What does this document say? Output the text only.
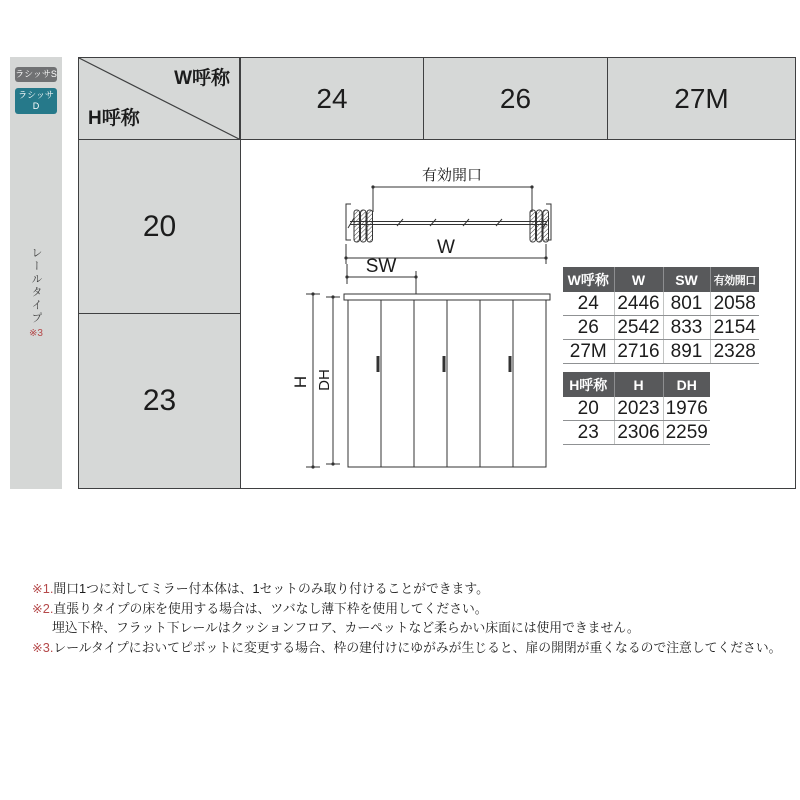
ラシッサS
ラシッサD
レールタイプ
※3
W呼称
H呼称
24	26	27M
20
23
有効開口
W
SW
H DH
W呼称	W	SW	有効開口
24	2446	801	2058
26	2542	833	2154
27M	2716	891	2328
H呼称	H	DH
20	2023	1976
23	2306	2259
※1.間口1つに対してミラー付本体は、1セットのみ取り付けることができます。
※2.直張りタイプの床を使用する場合は、ツバなし薄下枠を使用してください。
埋込下枠、フラット下レールはクッションフロア、カーペットなど柔らかい床面には使用できません。
※3.レールタイプにおいてピボットに変更する場合、枠の建付けにゆがみが生じると、扉の開閉が重くなるので注意してください。
